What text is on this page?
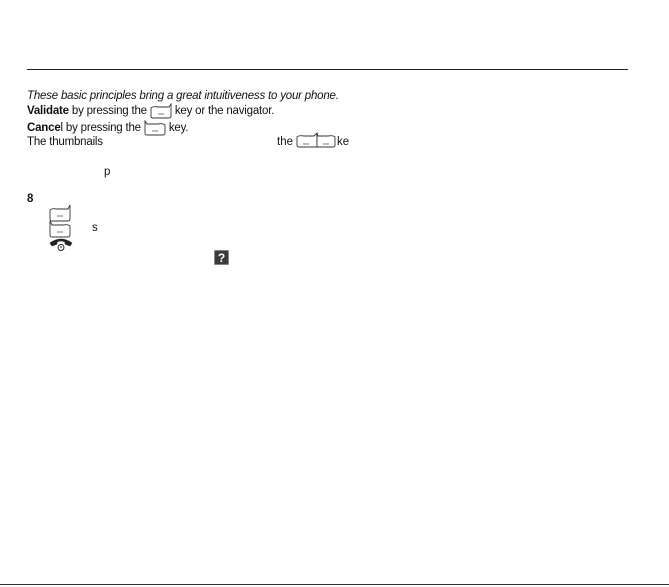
These basic principles bring a great intuitiveness to your phone.
Validate by pressing the
key or the navigator.
Cancel by pressing the
key.
The thumbnails	the	ke
p
8
s
?
